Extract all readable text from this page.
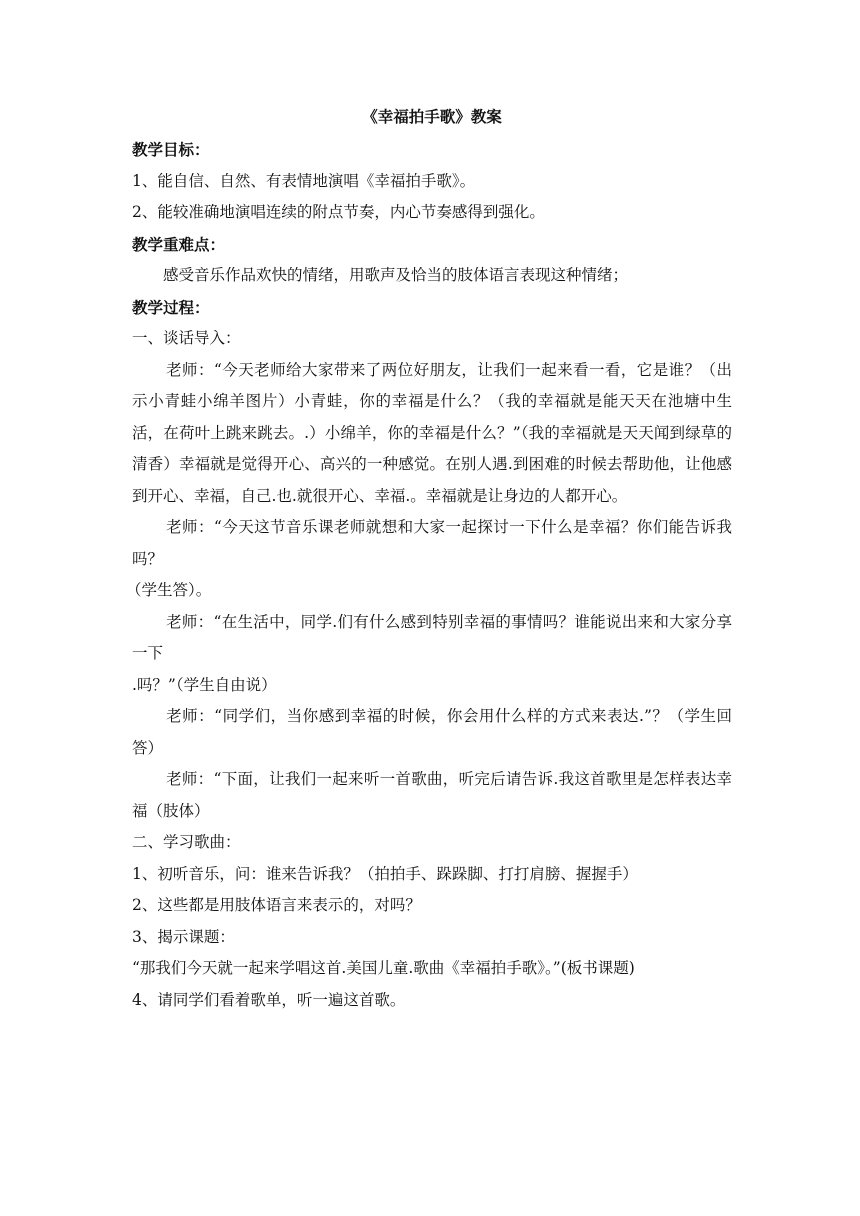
《幸福拍手歌》教案

教学目标：

1、能自信、自然、有表情地演唱《幸福拍手歌》。

2、能较准确地演唱连续的附点节奏，内心节奏感得到强化。

教学重难点：

感受音乐作品欢快的情绪，用歌声及恰当的肢体语言表现这种情绪；

教学过程：

一、谈话导入：

老师：“今天老师给大家带来了两位好朋友，让我们一起来看一看，它是谁？（出示小青蛙小绵羊图片）小青蛙，你的幸福是什么？（我的幸福就是能天天在池塘中生活，在荷叶上跳来跳去。.）小绵羊，你的幸福是什么？”（我的幸福就是天天闻到绿草的清香）幸福就是觉得开心、高兴的一种感觉。在别人遇.到困难的时候去帮助他，让他感到开心、幸福，自己.也.就很开心、幸福.。幸福就是让身边的人都开心。

老师：“今天这节音乐课老师就想和大家一起探讨一下什么是幸福？你们能告诉我吗？

（学生答）。

老师：“在生活中，同学.们有什么感到特别幸福的事情吗？谁能说出来和大家分享一下

.吗？”（学生自由说）

老师：“同学们，当你感到幸福的时候，你会用什么样的方式来表达.”？（学生回答）

老师：“下面，让我们一起来听一首歌曲，听完后请告诉.我这首歌里是怎样表达幸福（肢体）

二、学习歌曲：

1、初听音乐，问：谁来告诉我？（拍拍手、跺跺脚、打打肩膀、握握手）

2、这些都是用肢体语言来表示的，对吗？

3、揭示课题：

“那我们今天就一起来学唱这首.美国儿童.歌曲《幸福拍手歌》。”(板书课题)

4、请同学们看着歌单，听一遍这首歌。
